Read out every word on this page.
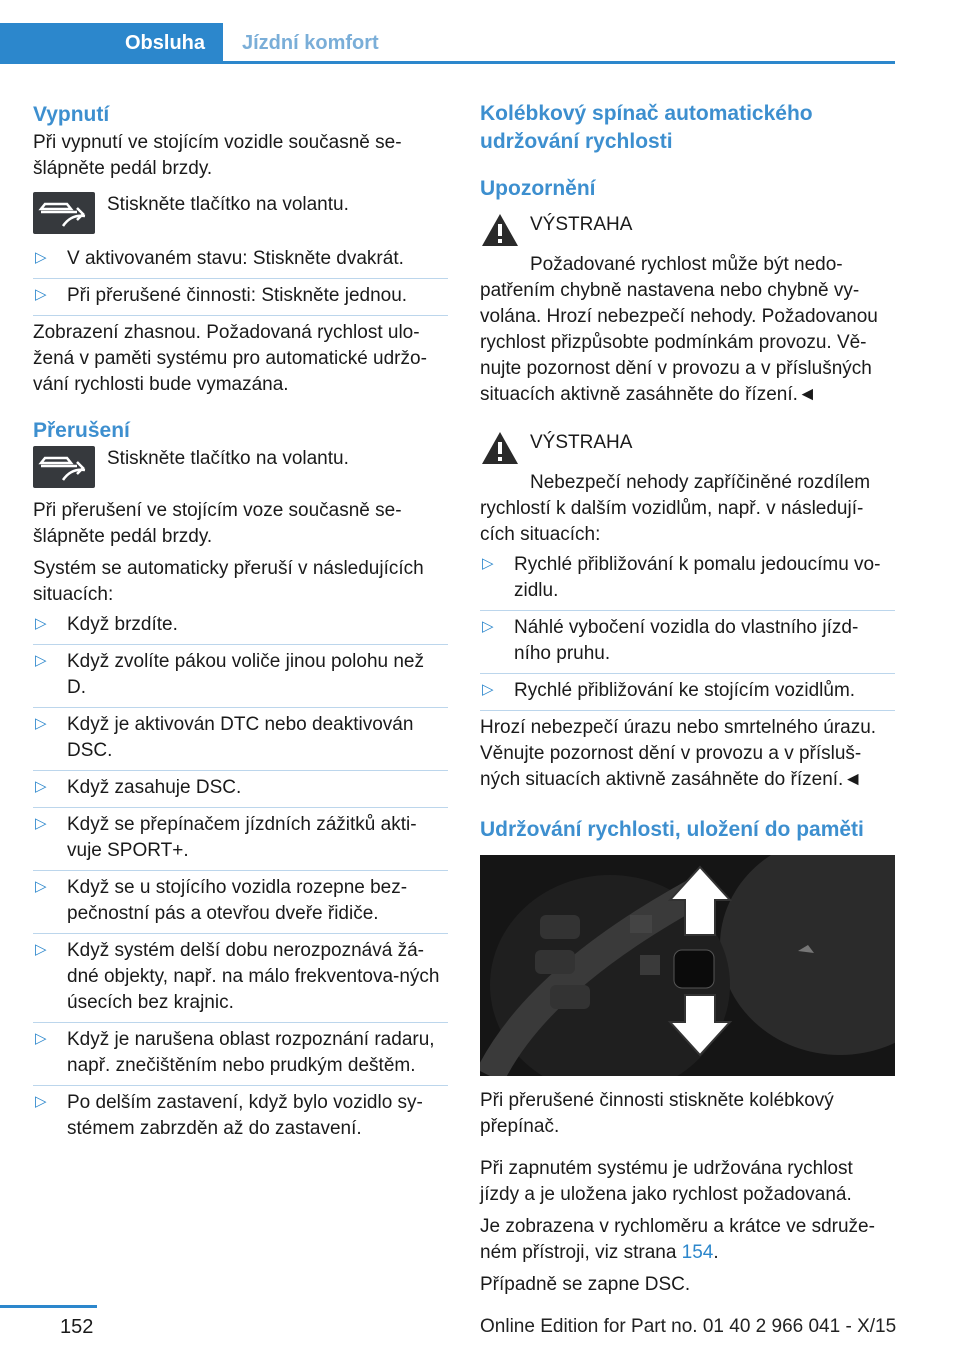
Obsluha Jízdní komfort
Vypnutí

Při vypnutí ve stojícím vozidle současně se-šlápněte pedál brzdy.

Stiskněte tlačítko na volantu.
▷ V aktivovaném stavu: Stiskněte dvakrát.
▷ Při přerušené činnosti: Stiskněte jednou.

Zobrazení zhasnou. Požadovaná rychlost ulo-žená v paměti systému pro automatické udržo-vání rychlosti bude vymazána.

Přerušení
Stiskněte tlačítko na volantu.

Při přerušení ve stojícím voze současně se-šlápněte pedál brzdy.

Systém se automaticky přeruší v následujících situacích:

▷ Když brzdíte.
▷ Když zvolíte pákou voliče jinou polohu než D.
▷ Když je aktivován DTC nebo deaktivován DSC.
▷ Když zasahuje DSC.
▷ Když se přepínačem jízdních zážitků akti-vuje SPORT+.
▷ Když se u stojícího vozidla rozepne bez-pečnostní pás a otevřou dveře řidiče.
▷ Když systém delší dobu nerozpoznává žá-dné objekty, např. na málo frekventova-ných úsecích bez krajnic.
▷ Když je narušena oblast rozpoznání radaru, např. znečištěním nebo prudkým deštěm.
▷ Po delším zastavení, když bylo vozidlo sy-stémem zabrzděn až do zastavení.
Kolébkový spínač automatického udržování rychlosti
Upozornění
VÝSTRAHA

Požadované rychlost může být nedo-patřením chybně nastavena nebo chybně vy-volána. Hrozí nebezpečí nehody. Požadovanou rychlost přizpůsobte podmínkám provozu. Vě-nujte pozornost dění v provozu a v příslušných situacích aktivně zasáhněte do řízení.◄

VÝSTRAHA

Nebezpečí nehody zapříčiněné rozdílem rychlostí k dalším vozidlům, např. v následují-cích situacích:

▷ Rychlé přibližování k pomalu jedoucímu vo-zidlu.
▷ Náhlé vybočení vozidla do vlastního jízd-ního pruhu.
▷ Rychlé přibližování ke stojícím vozidlům.

Hrozí nebezpečí úrazu nebo smrtelného úrazu. Věnujte pozornost dění v provozu a v přísluš-ných situacích aktivně zasáhněte do řízení.◄

Udržování rychlosti, uložení do paměti

Při přerušené činnosti stiskněte kolébkový přepínač.

Při zapnutém systému je udržována rychlost jízdy a je uložena jako rychlost požadovaná.

Je zobrazena v rychloměru a krátce ve sdruže-ném přístroji, viz strana 154.

Případně se zapne DSC.

152	Online Edition for Part no. 01 40 2 966 041 - X/15
